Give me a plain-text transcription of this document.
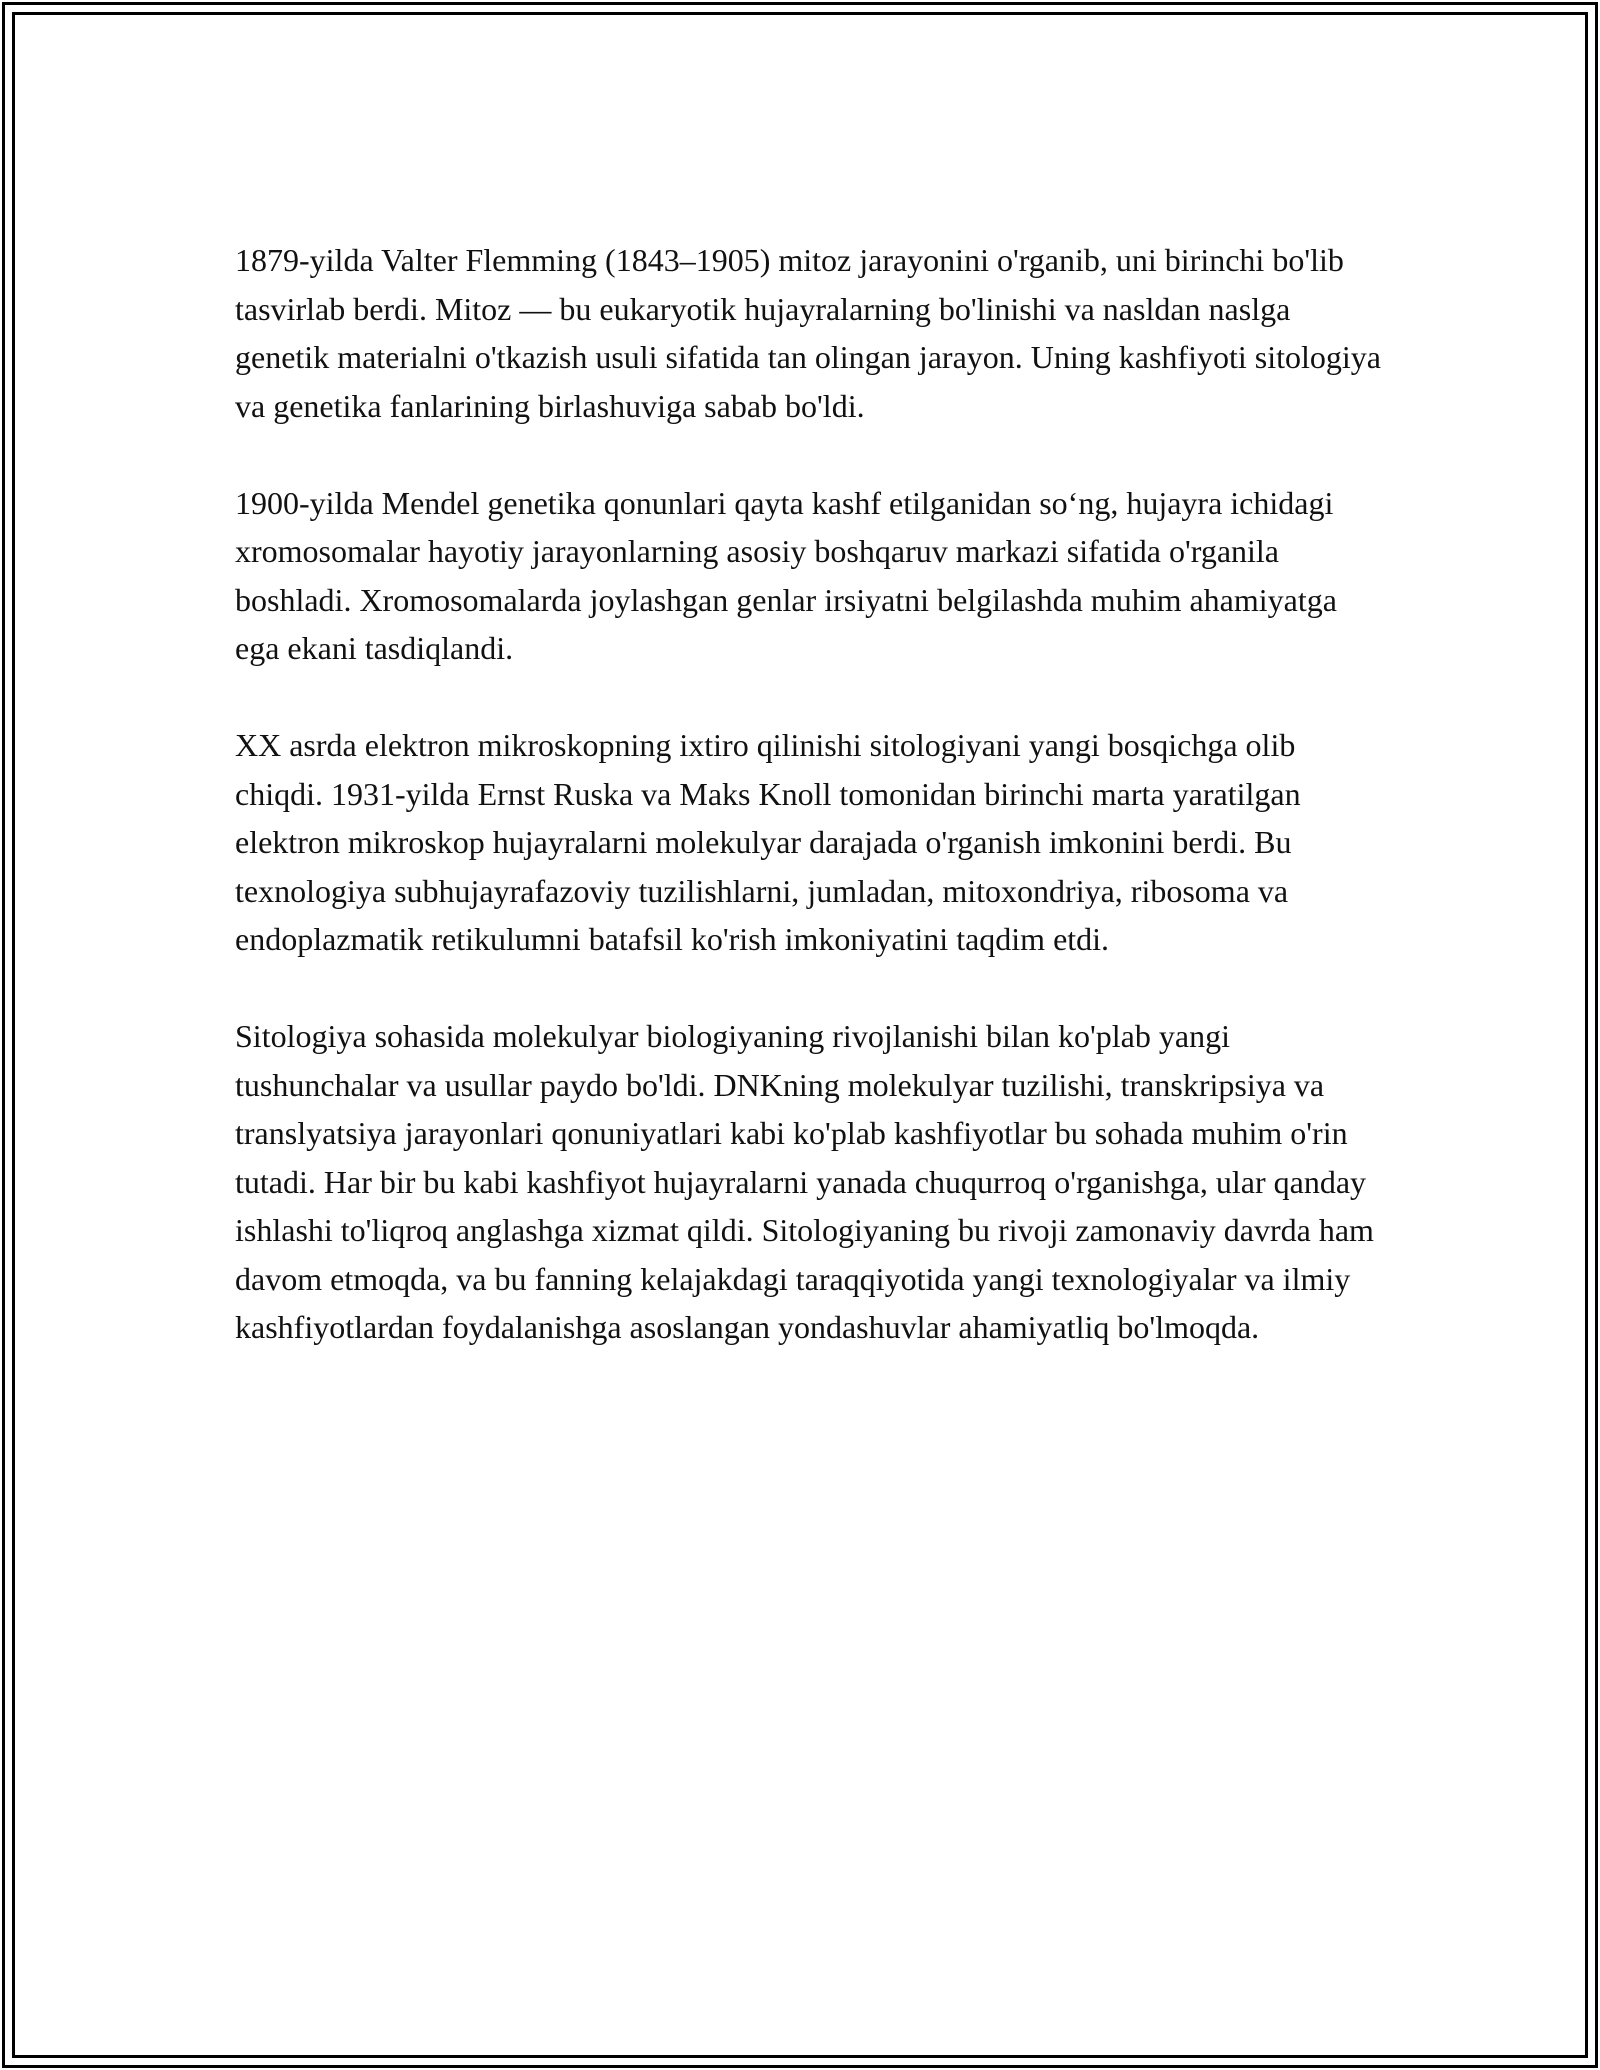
1879-yilda Valter Flemming (1843–1905) mitoz jarayonini o'rganib, uni birinchi bo'lib tasvirlab berdi. Mitoz — bu eukaryotik hujayralarning bo'linishi va nasldan naslga genetik materialni o'tkazish usuli sifatida tan olingan jarayon. Uning kashfiyoti sitologiya va genetika fanlarining birlashuviga sabab bo'ldi.

1900-yilda Mendel genetika qonunlari qayta kashf etilganidan so‘ng, hujayra ichidagi xromosomalar hayotiy jarayonlarning asosiy boshqaruv markazi sifatida o'rganila boshladi. Xromosomalarda joylashgan genlar irsiyatni belgilashda muhim ahamiyatga ega ekani tasdiqlandi.

XX asrda elektron mikroskopning ixtiro qilinishi sitologiyani yangi bosqichga olib chiqdi. 1931-yilda Ernst Ruska va Maks Knoll tomonidan birinchi marta yaratilgan elektron mikroskop hujayralarni molekulyar darajada o'rganish imkonini berdi. Bu texnologiya subhujayrafazoviy tuzilishlarni, jumladan, mitoxondriya, ribosoma va endoplazmatik retikulumni batafsil ko'rish imkoniyatini taqdim etdi.

Sitologiya sohasida molekulyar biologiyaning rivojlanishi bilan ko'plab yangi tushunchalar va usullar paydo bo'ldi. DNKning molekulyar tuzilishi, transkripsiya va translyatsiya jarayonlari qonuniyatlari kabi ko'plab kashfiyotlar bu sohada muhim o'rin tutadi. Har bir bu kabi kashfiyot hujayralarni yanada chuqurroq o'rganishga, ular qanday ishlashi to'liqroq anglashga xizmat qildi. Sitologiyaning bu rivoji zamonaviy davrda ham davom etmoqda, va bu fanning kelajakdagi taraqqiyotida yangi texnologiyalar va ilmiy kashfiyotlardan foydalanishga asoslangan yondashuvlar ahamiyatliq bo'lmoqda.
